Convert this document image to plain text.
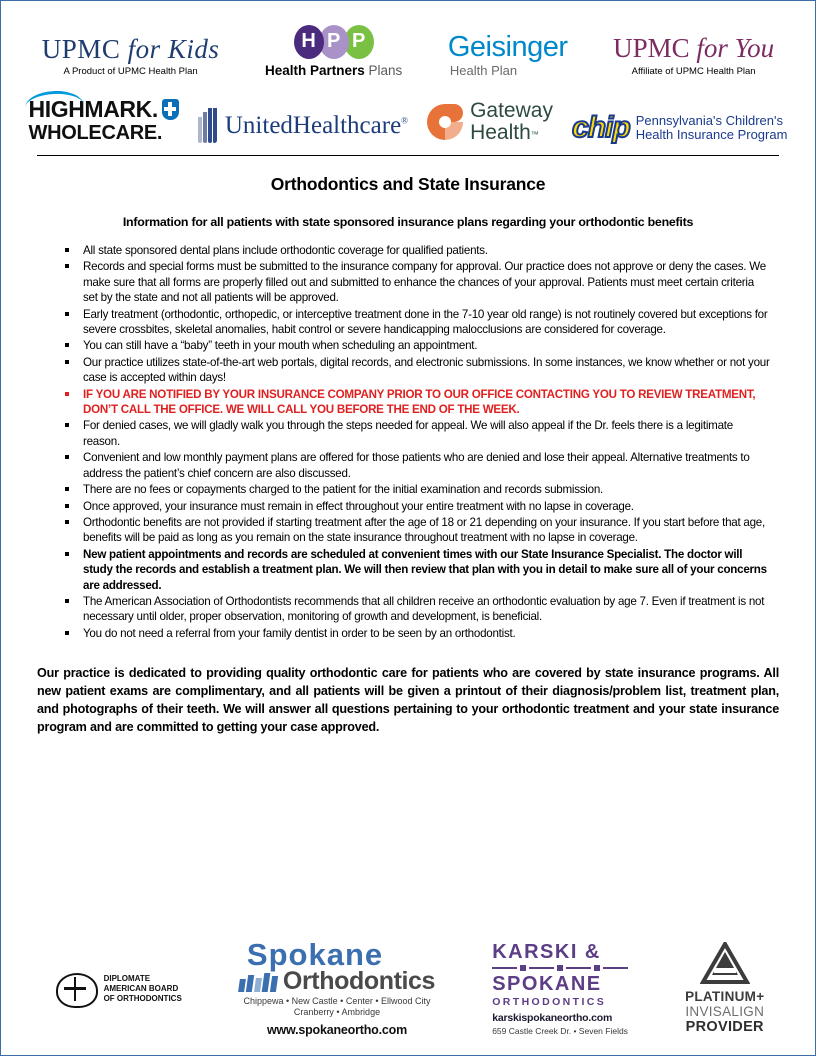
UPMC for Kids
A Product of UPMC Health Plan
H P P
Health Partners Plans
Geisinger
Health Plan
UPMC for You
Affiliate of UPMC Health Plan
HIGHMARK.
WHOLECARE.	UnitedHealthcare®	Gateway
Health™	chip Pennsylvania's Children's
Health Insurance Program
Orthodontics and State Insurance

Information for all patients with state sponsored insurance plans regarding your orthodontic benefits

All state sponsored dental plans include orthodontic coverage for qualified patients.
Records and special forms must be submitted to the insurance company for approval. Our practice does not approve or deny the cases. We make sure that all forms are properly filled out and submitted to enhance the chances of your approval. Patients must meet certain criteria set by the state and not all patients will be approved.
Early treatment (orthodontic, orthopedic, or interceptive treatment done in the 7-10 year old range) is not routinely covered but exceptions for severe crossbites, skeletal anomalies, habit control or severe handicapping malocclusions are considered for coverage.
You can still have a “baby” teeth in your mouth when scheduling an appointment.
Our practice utilizes state-of-the-art web portals, digital records, and electronic submissions. In some instances, we know whether or not your case is accepted within days!
IF YOU ARE NOTIFIED BY YOUR INSURANCE COMPANY PRIOR TO OUR OFFICE CONTACTING YOU TO REVIEW TREATMENT, DON’T CALL THE OFFICE. WE WILL CALL YOU BEFORE THE END OF THE WEEK.
For denied cases, we will gladly walk you through the steps needed for appeal. We will also appeal if the Dr. feels there is a legitimate reason.
Convenient and low monthly payment plans are offered for those patients who are denied and lose their appeal. Alternative treatments to address the patient’s chief concern are also discussed.
There are no fees or copayments charged to the patient for the initial examination and records submission.
Once approved, your insurance must remain in effect throughout your entire treatment with no lapse in coverage.
Orthodontic benefits are not provided if starting treatment after the age of 18 or 21 depending on your insurance. If you start before that age, benefits will be paid as long as you remain on the state insurance throughout treatment with no lapse in coverage.
New patient appointments and records are scheduled at convenient times with our State Insurance Specialist. The doctor will study the records and establish a treatment plan. We will then review that plan with you in detail to make sure all of your concerns are addressed.
The American Association of Orthodontists recommends that all children receive an orthodontic evaluation by age 7. Even if treatment is not necessary until older, proper observation, monitoring of growth and development, is beneficial.
You do not need a referral from your family dentist in order to be seen by an orthodontist.

Our practice is dedicated to providing quality orthodontic care for patients who are covered by state insurance programs. All new patient exams are complimentary, and all patients will be given a printout of their diagnosis/problem list, treatment plan, and photographs of their teeth. We will answer all questions pertaining to your orthodontic treatment and your state insurance program and are committed to getting your case approved.

DIPLOMATE
AMERICAN BOARD
OF ORTHODONTICS
Spokane
Orthodontics
Chippewa • New Castle • Center • Ellwood City
Cranberry • Ambridge
www.spokaneortho.com
KARSKI &
SPOKANE
ORTHODONTICS
karskispokaneortho.com
659 Castle Creek Dr. • Seven Fields
PLATINUM+
INVISALIGN
PROVIDER
